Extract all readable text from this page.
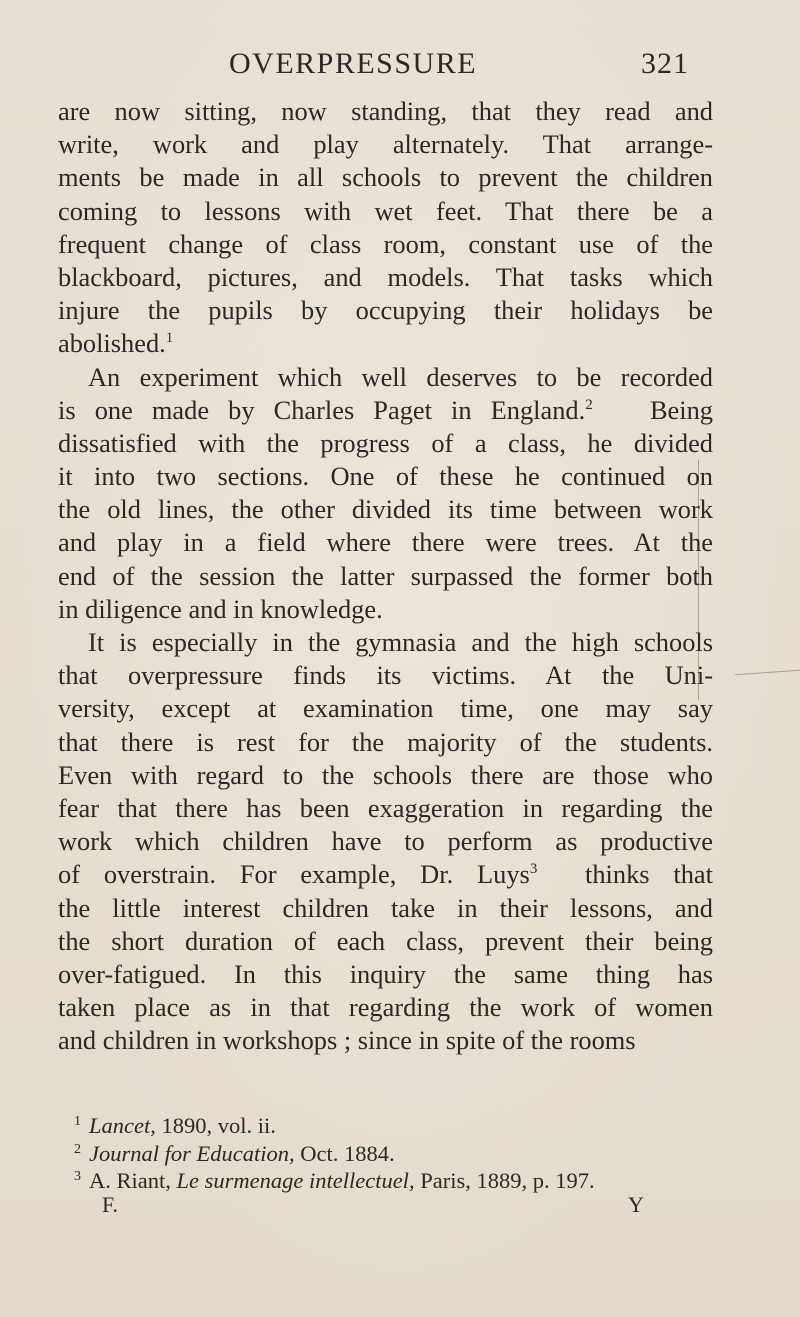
OVERPRESSURE	321
are now sitting, now standing, that they read and
write, work and play alternately. That arrange-
ments be made in all schools to prevent the children
coming to lessons with wet feet. That there be a
frequent change of class room, constant use of the
blackboard, pictures, and models. That tasks which
injure the pupils by occupying their holidays be
abolished.$^1$
An experiment which well deserves to be recorded
is one made by Charles Paget in England.$^2$ Being
dissatisfied with the progress of a class, he divided
it into two sections. One of these he continued on
the old lines, the other divided its time between work
and play in a field where there were trees. At the
end of the session the latter surpassed the former both
in diligence and in knowledge.
It is especially in the gymnasia and the high schools
that overpressure finds its victims. At the Uni-
versity, except at examination time, one may say
that there is rest for the majority of the students.
Even with regard to the schools there are those who
fear that there has been exaggeration in regarding the
work which children have to perform as productive
of overstrain. For example, Dr. Luys$^3$ thinks that
the little interest children take in their lessons, and
the short duration of each class, prevent their being
over-fatigued. In this inquiry the same thing has
taken place as in that regarding the work of women
and children in workshops ; since in spite of the rooms
$^1$ Lancet, 1890, vol. ii.
$^2$ Journal for Education, Oct. 1884.
$^3$ A. Riant, Le surmenage intellectuel, Paris, 1889, p. 197.
F.	Y
